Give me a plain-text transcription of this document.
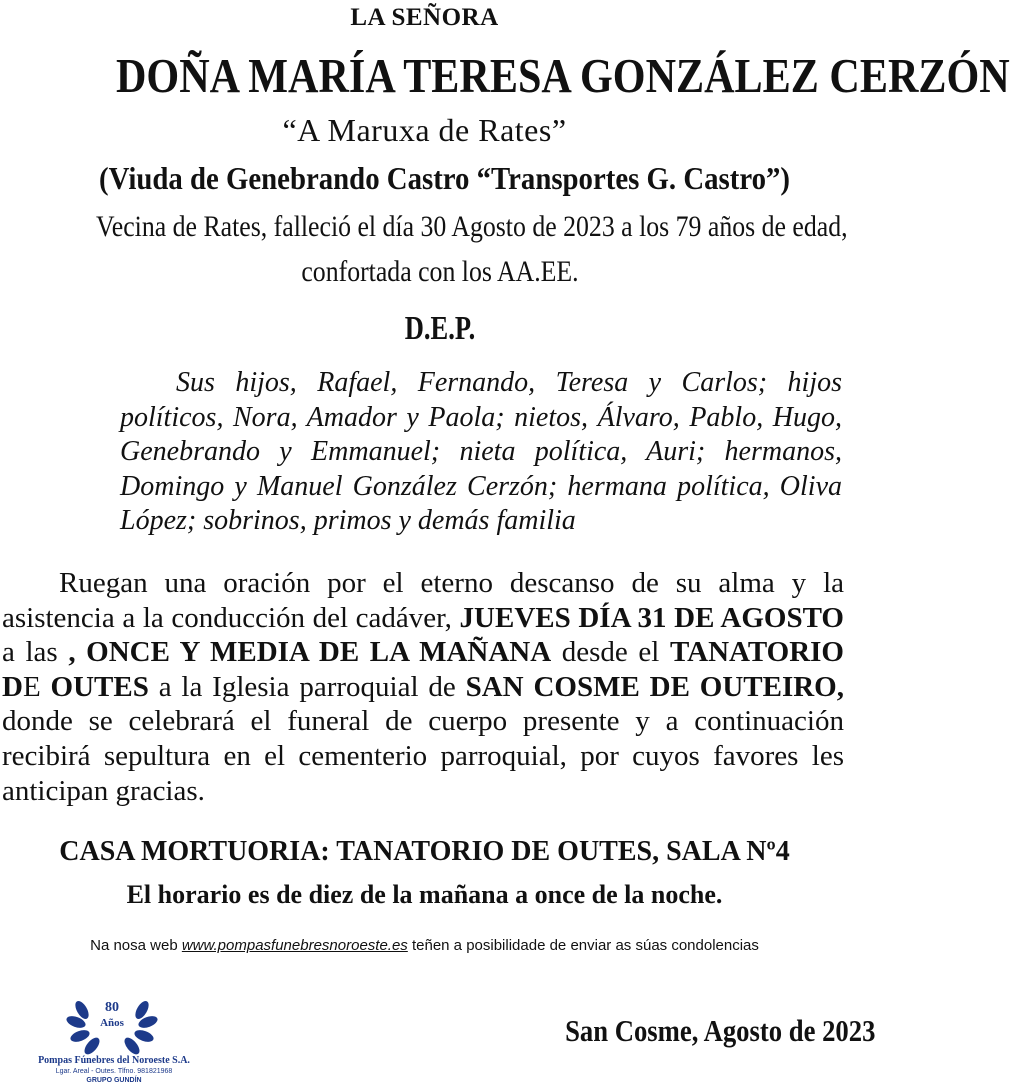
LA SEÑORA
DOÑA MARÍA TERESA GONZÁLEZ CERZÓN
“A Maruxa de Rates”
(Viuda de Genebrando Castro “Transportes G. Castro”)
Vecina de Rates, falleció el día 30 Agosto de 2023 a los 79 años de edad,
confortada con los AA.EE.
D.E.P.
Sus hijos, Rafael, Fernando, Teresa y Carlos; hijos políticos, Nora, Amador y Paola; nietos, Álvaro, Pablo, Hugo, Genebrando y Emmanuel; nieta política, Auri; hermanos, Domingo y Manuel González Cerzón; hermana política, Oliva López; sobrinos, primos y demás familia
Ruegan una oración por el eterno descanso de su alma y la asistencia a la conducción del cadáver, JUEVES DÍA 31 DE AGOSTO a las , ONCE Y MEDIA DE LA MAÑANA desde el TANATORIO DE OUTES a la Iglesia parroquial de SAN COSME DE OUTEIRO, donde se celebrará el funeral de cuerpo presente y a continuación recibirá sepultura en el cementerio parroquial, por cuyos favores les anticipan gracias.
CASA MORTUORIA: TANATORIO DE OUTES, SALA Nº4
El horario es de diez de la mañana a once de la noche.
Na nosa web www.pompasfunebresnoroeste.es teñen a posibilidade de enviar as súas condolencias
San Cosme, Agosto de 2023
80
Años
Pompas Fúnebres del Noroeste S.A.
Lgar. Areal - Outes. Tlfno. 981821968
GRUPO GUNDÍN
